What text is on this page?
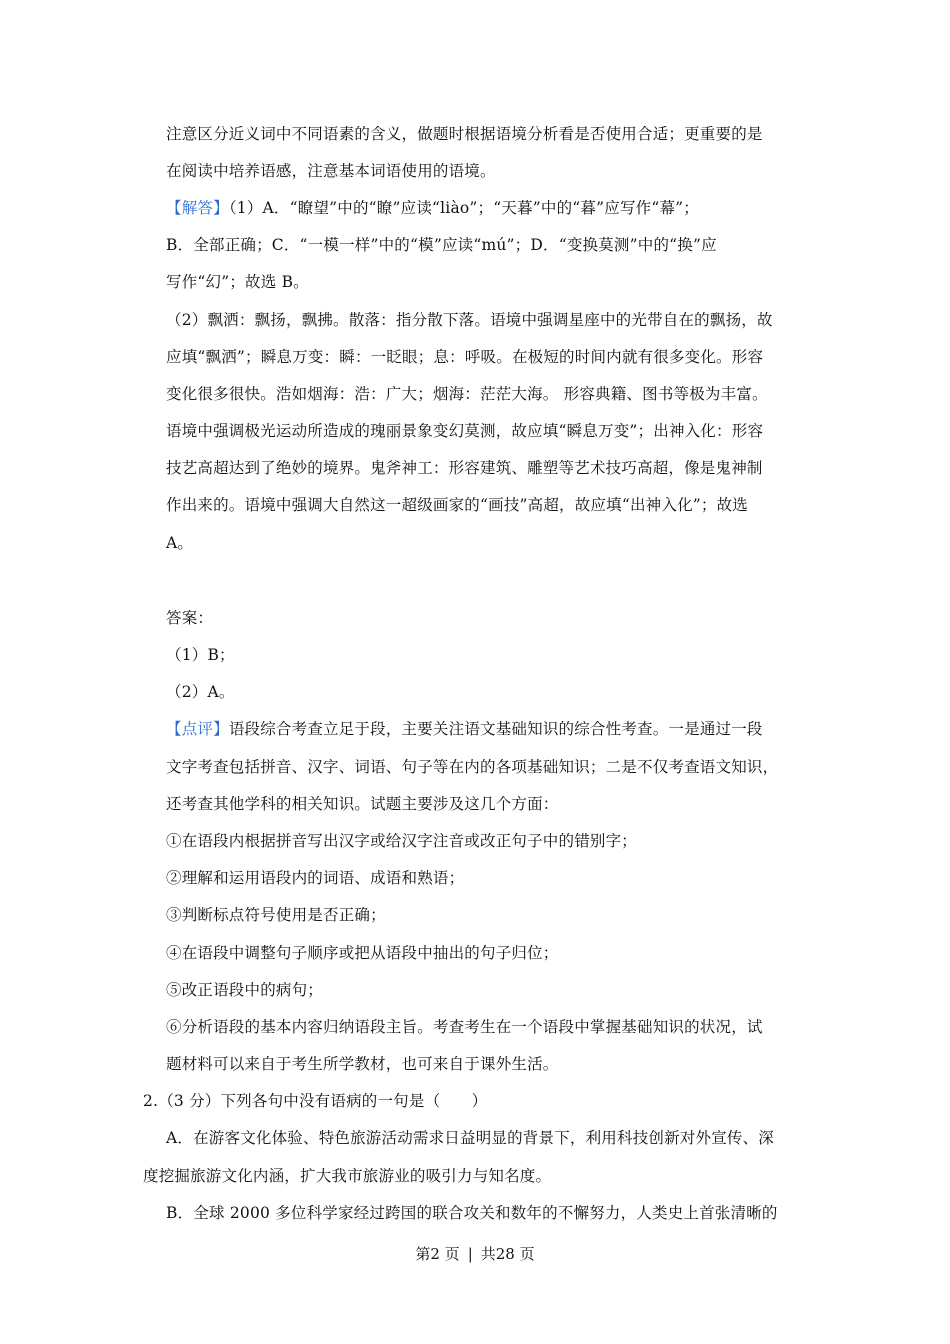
注意区分近义词中不同语素的含义，做题时根据语境分析看是否使用合适；更重要的是
在阅读中培养语感，注意基本词语使用的语境。
【解答】（1）A．“瞭望”中的“瞭”应读“liào”；“天暮”中的“暮”应写作“幕”；
B．全部正确；C．“一模一样”中的“模”应读“mú”；D．“变换莫测”中的“换”应
写作“幻”；故选 B。
（2）飘洒：飘扬，飘拂。散落：指分散下落。语境中强调星座中的光带自在的飘扬，故
应填“飘洒”；瞬息万变：瞬：一眨眼；息：呼吸。在极短的时间内就有很多变化。形容
变化很多很快。浩如烟海：浩：广大；烟海：茫茫大海。 形容典籍、图书等极为丰富。
语境中强调极光运动所造成的瑰丽景象变幻莫测，故应填“瞬息万变”；出神入化：形容
技艺高超达到了绝妙的境界。鬼斧神工：形容建筑、雕塑等艺术技巧高超，像是鬼神制
作出来的。语境中强调大自然这一超级画家的“画技”高超，故应填“出神入化”；故选
A。
答案：
（1）B；
（2）A。
【点评】语段综合考查立足于段，主要关注语文基础知识的综合性考查。一是通过一段
文字考查包括拼音、汉字、词语、句子等在内的各项基础知识；二是不仅考查语文知识，
还考查其他学科的相关知识。试题主要涉及这几个方面：
①在语段内根据拼音写出汉字或给汉字注音或改正句子中的错别字；
②理解和运用语段内的词语、成语和熟语；
③判断标点符号使用是否正确；
④在语段中调整句子顺序或把从语段中抽出的句子归位；
⑤改正语段中的病句；
⑥分析语段的基本内容归纳语段主旨。考查考生在一个语段中掌握基础知识的状况，试
题材料可以来自于考生所学教材，也可来自于课外生活。
2.（3 分）下列各句中没有语病的一句是（　　）
A．在游客文化体验、特色旅游活动需求日益明显的背景下，利用科技创新对外宣传、深
度挖掘旅游文化内涵，扩大我市旅游业的吸引力与知名度。
B．全球 2000 多位科学家经过跨国的联合攻关和数年的不懈努力，人类史上首张清晰的
第2 页 | 共28 页
